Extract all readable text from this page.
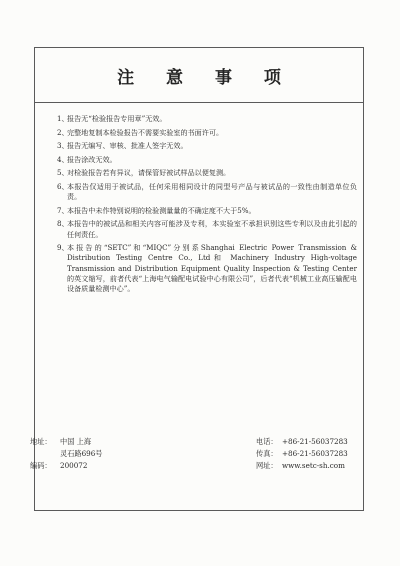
注 意 事 项
1、
报告无“检验报告专用章”无效。
2、
完整地复制本检验报告不需要实验室的书面许可。
3、
报告无编写、审核、批准人签字无效。
4、
报告涂改无效。
5、
对检验报告若有异议，请保管好被试样品以便复测。
6、
本报告仅适用于被试品，任何采用相同设计的同型号产品与被试品的一致性由制造单位负责。
7、
本报告中未作特别说明的检验测量量的不确定度不大于5%。
8、
本报告中的被试品和相关内容可能涉及专利，本实验室不承担识别这些专利以及由此引起的任何责任。
9、
本报告的“SETC”和“MIQC”分别系Shanghai Electric Power Transmission & Distribution Testing Centre Co., Ltd和 Machinery Industry High-voltage Transmission and Distribution Equipment Quality Inspection & Testing Center 的英文缩写，前者代表“上海电气输配电试验中心有限公司”，后者代表“机械工业高压输配电设备质量检测中心”。
地址：	中国 上海
灵石路696号
编码：	200072
电话： +86-21-56037283
传真： +86-21-56037283
网址： www.setc-sh.com
